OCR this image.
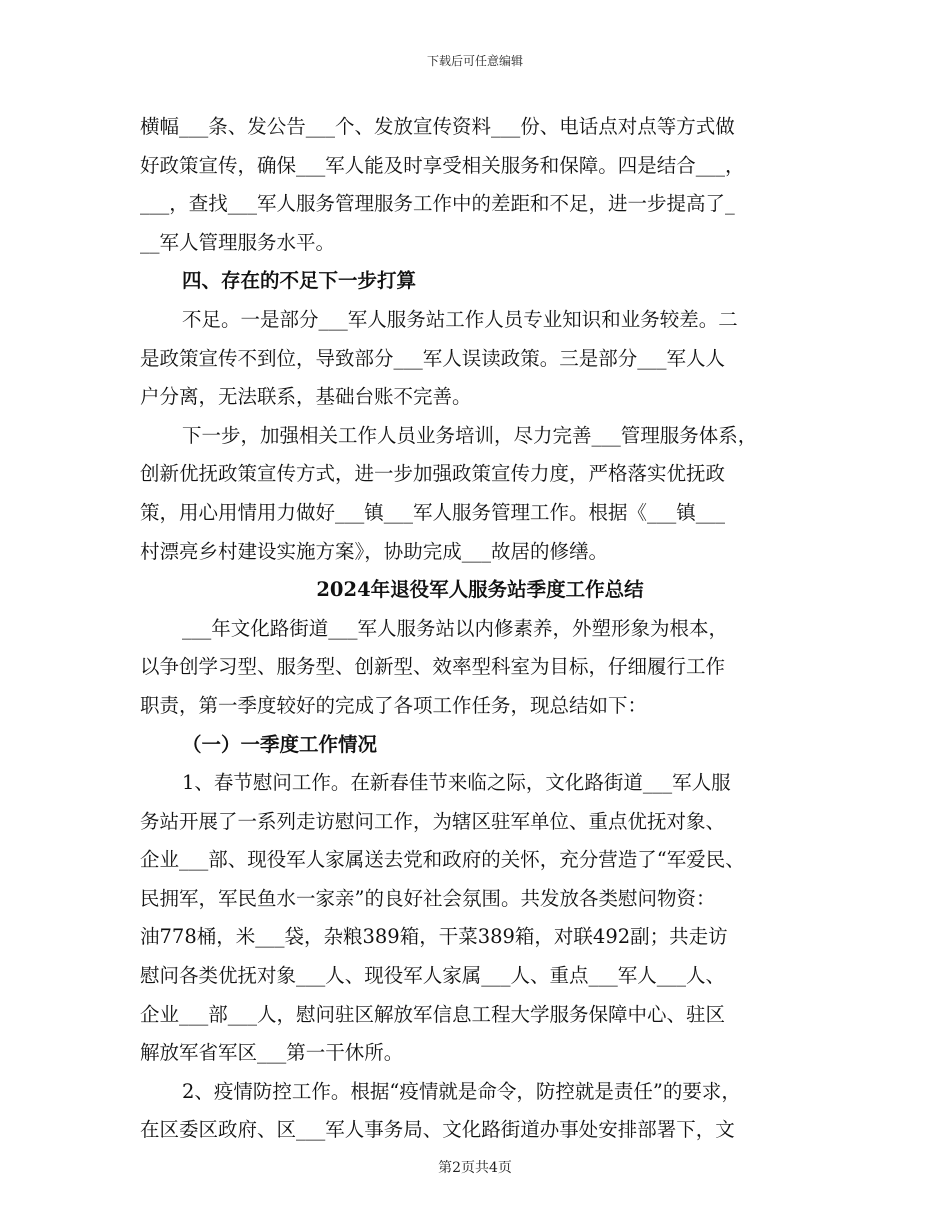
下载后可任意编辑
横幅___条、发公告___个、发放宣传资料___份、电话点对点等方式做
好政策宣传，确保___军人能及时享受相关服务和保障。四是结合___，
___，查找___军人服务管理服务工作中的差距和不足，进一步提高了_
__军人管理服务水平。
四、存在的不足下一步打算
不足。一是部分___军人服务站工作人员专业知识和业务较差。二
是政策宣传不到位，导致部分___军人误读政策。三是部分___军人人
户分离，无法联系，基础台账不完善。
下一步，加强相关工作人员业务培训，尽力完善___管理服务体系，
创新优抚政策宣传方式，进一步加强政策宣传力度，严格落实优抚政
策，用心用情用力做好___镇___军人服务管理工作。根据《___镇___
村漂亮乡村建设实施方案》，协助完成___故居的修缮。
2024年退役军人服务站季度工作总结
___年文化路街道___军人服务站以内修素养，外塑形象为根本，
以争创学习型、服务型、创新型、效率型科室为目标，仔细履行工作
职责，第一季度较好的完成了各项工作任务，现总结如下：
（一）一季度工作情况
1、春节慰问工作。在新春佳节来临之际，文化路街道___军人服
务站开展了一系列走访慰问工作，为辖区驻军单位、重点优抚对象、
企业___部、现役军人家属送去党和政府的关怀，充分营造了“军爱民、
民拥军，军民鱼水一家亲”的良好社会氛围。共发放各类慰问物资：
油778桶，米___袋，杂粮389箱，干菜389箱，对联492副；共走访
慰问各类优抚对象___人、现役军人家属___人、重点___军人___人、
企业___部___人，慰问驻区解放军信息工程大学服务保障中心、驻区
解放军省军区___第一干休所。
2、疫情防控工作。根据“疫情就是命令，防控就是责任”的要求，
在区委区政府、区___军人事务局、文化路街道办事处安排部署下，文
第2页共4页
